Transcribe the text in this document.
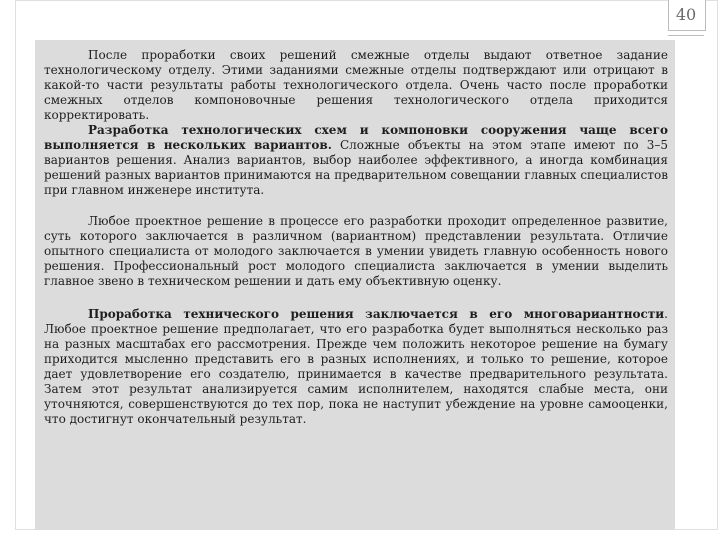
40

После проработки своих решений смежные отделы выдают ответное задание технологическому отделу. Этими заданиями смежные отделы подтверждают или отрицают в какой-то части результаты работы технологического отдела. Очень часто после проработки смежных отделов компоновочные решения технологического отдела приходится корректировать.

Разработка технологических схем и компоновки сооружения чаще всего выполняется в нескольких вариантов. Сложные объекты на этом этапе имеют по 3–5 вариантов решения. Анализ вариантов, выбор наиболее эффективного, а иногда комбинация решений разных вариантов принимаются на предварительном совещании главных специалистов при главном инженере института.

Любое проектное решение в процессе его разработки проходит определенное развитие, суть которого заключается в различном (вариантном) представлении результата. Отличие опытного специалиста от молодого заключается в умении увидеть главную особенность нового решения. Профессиональный рост молодого специалиста заключается в умении выделить главное звено в техническом решении и дать ему объективную оценку.

Проработка технического решения заключается в его многовариантности. Любое проектное решение предполагает, что его разработка будет выполняться несколько раз на разных масштабах его рассмотрения. Прежде чем положить некоторое решение на бумагу приходится мысленно представить его в разных исполнениях, и только то решение, которое дает удовлетворение его создателю, принимается в качестве предварительного результата. Затем этот результат анализируется самим исполнителем, находятся слабые места, они уточняются, совершенствуются до тех пор, пока не наступит убеждение на уровне самооценки, что достигнут окончательный результат.
